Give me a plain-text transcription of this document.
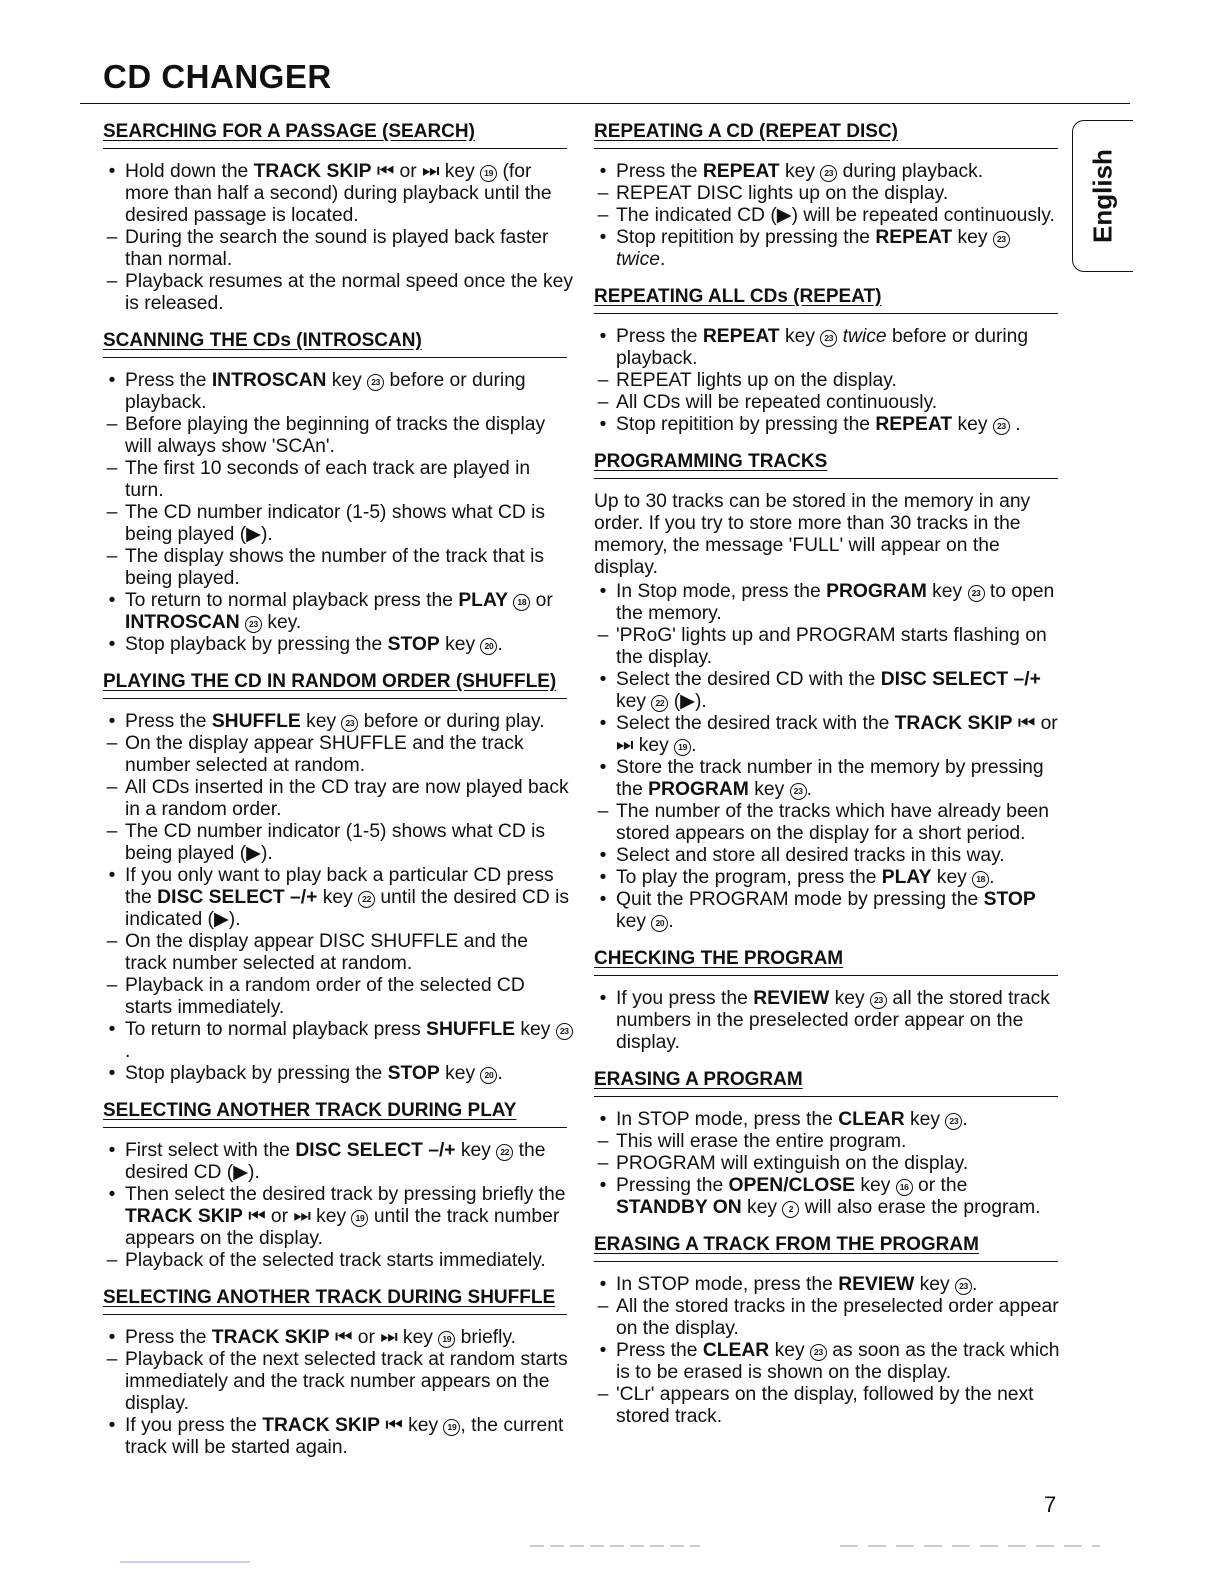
CD CHANGER
English
SEARCHING FOR A PASSAGE (SEARCH)
• Hold down the TRACK SKIP ⏮ or ⏭ key 19 (for more than half a second) during playback until the desired passage is located.
– During the search the sound is played back faster than normal.
– Playback resumes at the normal speed once the key is released.
SCANNING THE CDs (INTROSCAN)
• Press the INTROSCAN key 23 before or during playback.
– Before playing the beginning of tracks the display will always show 'SCAn'.
– The first 10 seconds of each track are played in turn.
– The CD number indicator (1-5) shows what CD is being played (▶).
– The display shows the number of the track that is being played.
• To return to normal playback press the PLAY 18 or INTROSCAN 23 key.
• Stop playback by pressing the STOP key 20 .
PLAYING THE CD IN RANDOM ORDER (SHUFFLE)
• Press the SHUFFLE key 23 before or during play.
– On the display appear SHUFFLE and the track number selected at random.
– All CDs inserted in the CD tray are now played back in a random order.
– The CD number indicator (1-5) shows what CD is being played (▶).
• If you only want to play back a particular CD press the DISC SELECT –/+ key 22 until the desired CD is indicated (▶).
– On the display appear DISC SHUFFLE and the track number selected at random.
– Playback in a random order of the selected CD starts immediately.
• To return to normal playback press SHUFFLE key 23.
• Stop playback by pressing the STOP key 20 .
SELECTING ANOTHER TRACK DURING PLAY
• First select with the DISC SELECT –/+ key 22 the desired CD (▶).
• Then select the desired track by pressing briefly the TRACK SKIP ⏮ or ⏭ key 19 until the track number appears on the display.
– Playback of the selected track starts immediately.
SELECTING ANOTHER TRACK DURING SHUFFLE
• Press the TRACK SKIP ⏮ or ⏭ key 19 briefly.
– Playback of the next selected track at random starts immediately and the track number appears on the display.
• If you press the TRACK SKIP ⏮ key 19 , the current track will be started again.
REPEATING A CD (REPEAT DISC)
• Press the REPEAT key 23 during playback.
– REPEAT DISC lights up on the display.
– The indicated CD (▶) will be repeated continuously.
• Stop repitition by pressing the REPEAT key 23 twice.
REPEATING ALL CDs (REPEAT)
• Press the REPEAT key 23 twice before or during playback.
– REPEAT lights up on the display.
– All CDs will be repeated continuously.
• Stop repitition by pressing the REPEAT key 23 .
PROGRAMMING TRACKS

Up to 30 tracks can be stored in the memory in any order. If you try to store more than 30 tracks in the memory, the message 'FULL' will appear on the display.

• In Stop mode, press the PROGRAM key 23 to open the memory.
– 'PRoG' lights up and PROGRAM starts flashing on the display.
• Select the desired CD with the DISC SELECT –/+ key 22 (▶).
• Select the desired track with the TRACK SKIP ⏮ or ⏭ key 19 .
• Store the track number in the memory by pressing the PROGRAM key 23 .
– The number of the tracks which have already been stored appears on the display for a short period.
• Select and store all desired tracks in this way.
• To play the program, press the PLAY key 18 .
• Quit the PROGRAM mode by pressing the STOP key 20 .
CHECKING THE PROGRAM
• If you press the REVIEW key 23 all the stored track numbers in the preselected order appear on the display.
ERASING A PROGRAM
• In STOP mode, press the CLEAR key 23 .
– This will erase the entire program.
– PROGRAM will extinguish on the display.
• Pressing the OPEN/CLOSE key 16 or the STANDBY ON key 2 will also erase the program.
ERASING A TRACK FROM THE PROGRAM
• In STOP mode, press the REVIEW key 23 .
– All the stored tracks in the preselected order appear on the display.
• Press the CLEAR key 23 as soon as the track which is to be erased is shown on the display.
– 'CLr' appears on the display, followed by the next stored track.
7
